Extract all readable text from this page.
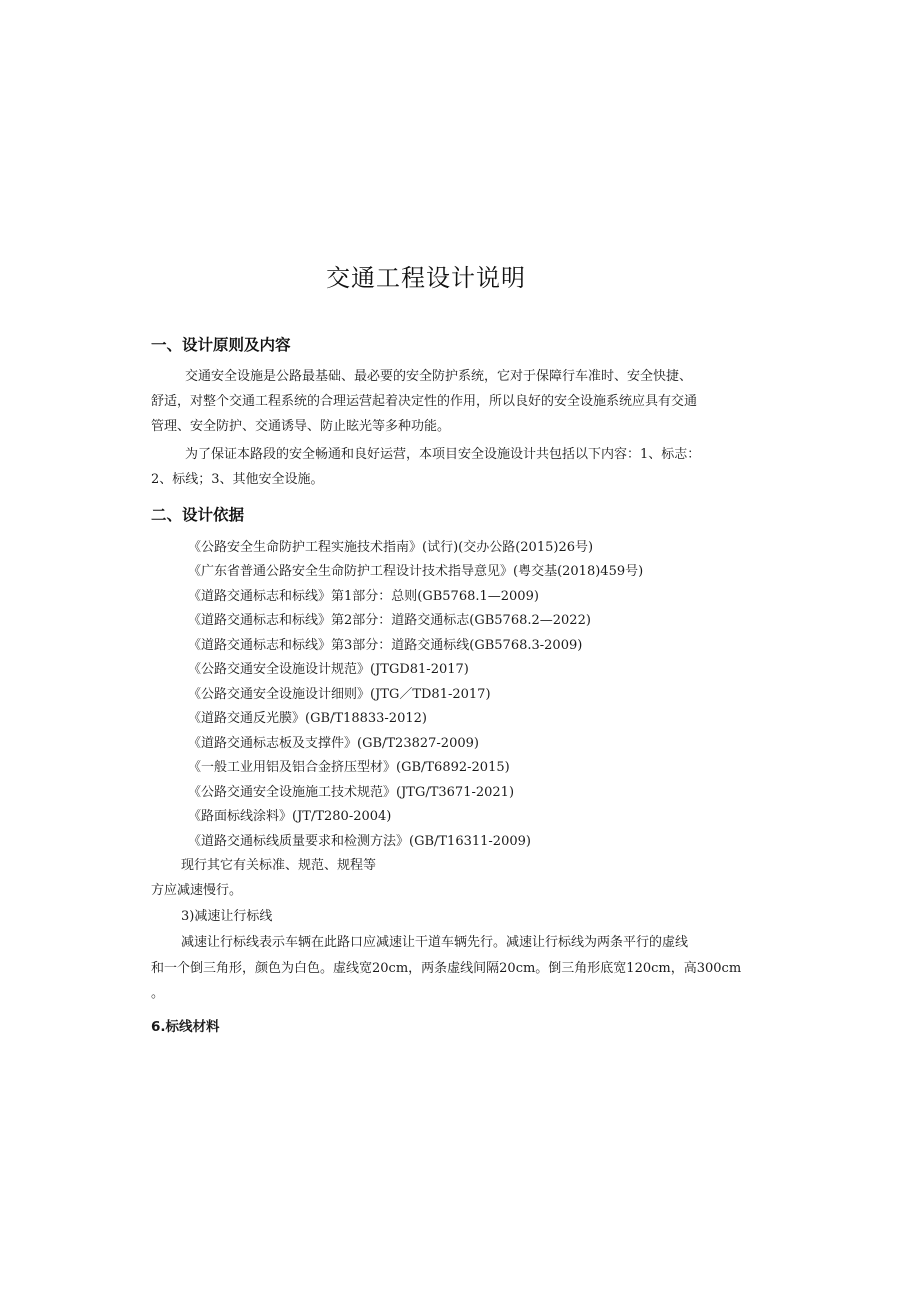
交通工程设计说明
一、设计原则及内容
交通安全设施是公路最基础、最必要的安全防护系统，它对于保障行车准时、安全快捷、
舒适，对整个交通工程系统的合理运营起着决定性的作用，所以良好的安全设施系统应具有交通
管理、安全防护、交通诱导、防止眩光等多种功能。
为了保证本路段的安全畅通和良好运营，本项目安全设施设计共包括以下内容：1、标志：
2、标线；3、其他安全设施。
二、设计依据
《公路安全生命防护工程实施技术指南》(试行)(交办公路(2015)26号)
《广东省普通公路安全生命防护工程设计技术指导意见》(粤交基(2018)459号)
《道路交通标志和标线》第1部分：总则(GB5768.1—2009)
《道路交通标志和标线》第2部分：道路交通标志(GB5768.2—2022)
《道路交通标志和标线》第3部分：道路交通标线(GB5768.3-2009)
《公路交通安全设施设计规范》(JTGD81-2017)
《公路交通安全设施设计细则》(JTG／TD81-2017)
《道路交通反光膜》(GB/T18833-2012)
《道路交通标志板及支撑件》(GB/T23827-2009)
《一般工业用铝及铝合金挤压型材》(GB/T6892-2015)
《公路交通安全设施施工技术规范》(JTG/T3671-2021)
《路面标线涂料》(JT/T280-2004)
《道路交通标线质量要求和检测方法》(GB/T16311-2009)
现行其它有关标准、规范、规程等
方应减速慢行。
3)减速让行标线
减速让行标线表示车辆在此路口应减速让干道车辆先行。减速让行标线为两条平行的虚线
和一个倒三角形，颜色为白色。虚线宽20cm，两条虚线间隔20cm。倒三角形底宽120cm，高300cm
。
6.标线材料
